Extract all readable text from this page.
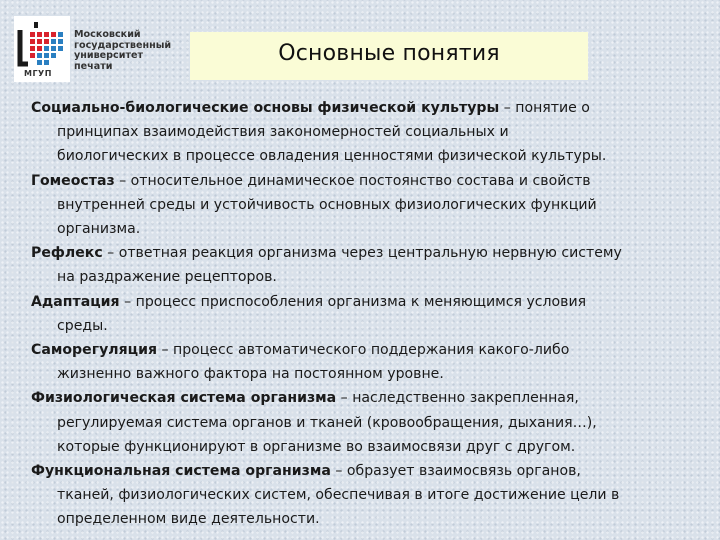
Московский
государственный
университет
печати
МГУП
Основные понятия
Социально-биологические основы физической культуры – понятие о
принципах взаимодействия закономерностей социальных и
биологических в процессе овладения ценностями физической культуры.
Гомеостаз – относительное динамическое постоянство состава и свойств
внутренней среды и устойчивость основных физиологических функций
организма.
Рефлекс – ответная реакция организма через центральную нервную систему
на раздражение рецепторов.
Адаптация – процесс приспособления организма к меняющимся условия
среды.
Саморегуляция – процесс автоматического поддержания какого-либо
жизненно важного фактора на постоянном уровне.
Физиологическая система организма – наследственно закрепленная,
регулируемая система органов и тканей (кровообращения, дыхания…),
которые функционируют в организме во взаимосвязи друг с другом.
Функциональная система организма – образует взаимосвязь органов,
тканей, физиологических систем, обеспечивая в итоге достижение цели в
определенном виде деятельности.
